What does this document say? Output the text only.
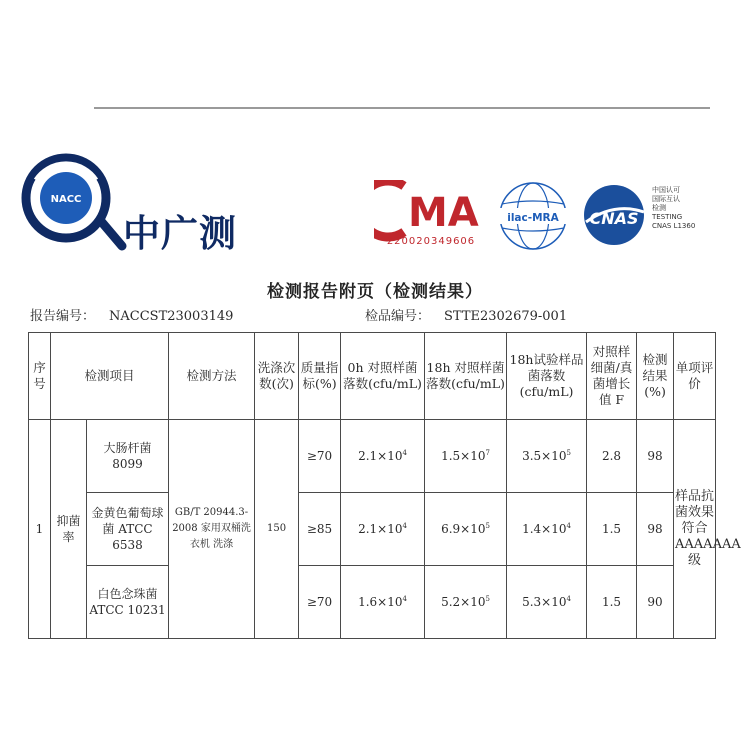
NACC
中广测	MA
220020349606
ilac-MRA CNAS
中国认可
国际互认
检测
TESTING
CNAS L1360
检测报告附页（检测结果）
报告编号： NACCST23003149	检品编号： STTE2302679-001
序号	检测项目		检测方法	洗涤次数(次)	质量指标(%)	0h 对照样菌落数(cfu/mL)	18h 对照样菌落数(cfu/mL)	18h试验样品菌落数(cfu/mL)	对照样细菌/真菌增长值 F	检测结果(%)	单项评价
1	抑菌率	大肠杆菌 8099	GB/T 20944.3-2008 家用双桶洗衣机 洗涤	150	≥70	$2.1\times 10^4$	$1.5\times 10^7$	$3.5\times 10^5$	2.8	98	样品抗菌效果符合AAAAAAA级
		金黄色葡萄球菌 ATCC 6538			≥85	$2.1\times 10^4$	$6.9\times 10^5$	$1.4\times 10^4$	1.5	98	
		白色念珠菌 ATCC 10231			≥70	$1.6\times 10^4$	$5.2\times 10^5$	$5.3\times 10^4$	1.5	90	
